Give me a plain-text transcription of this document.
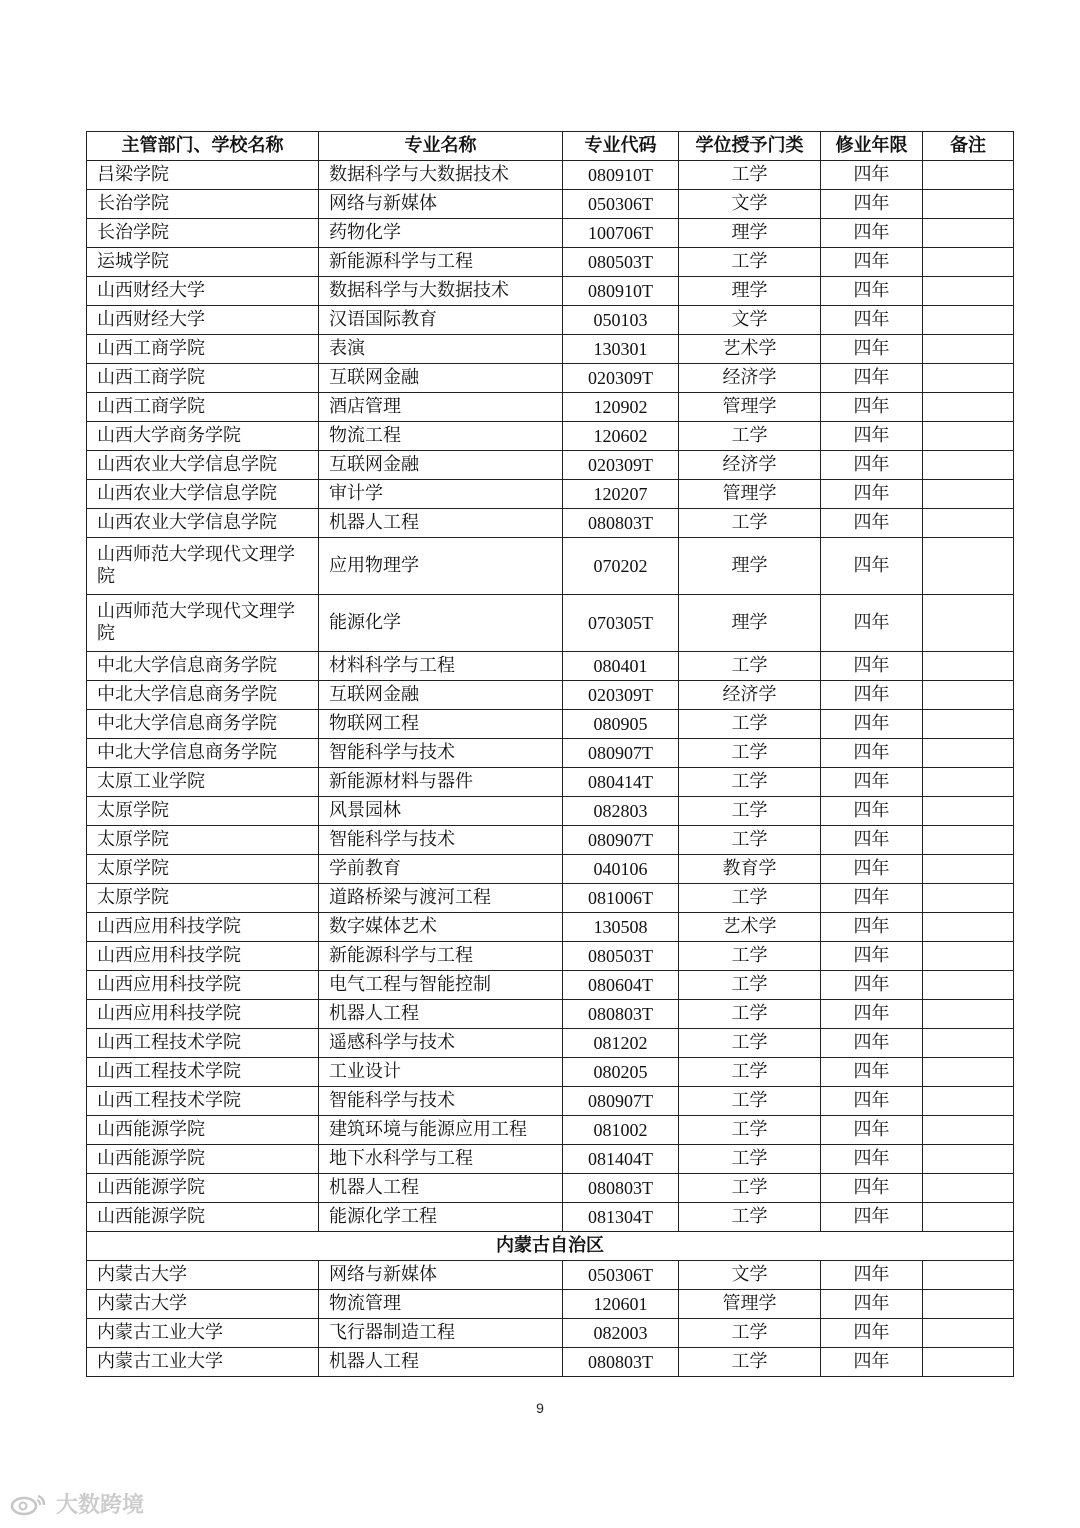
主管部门、学校名称	专业名称	专业代码	学位授予门类	修业年限	备注
吕梁学院	数据科学与大数据技术	080910T	工学	四年	
长治学院	网络与新媒体	050306T	文学	四年	
长治学院	药物化学	100706T	理学	四年	
运城学院	新能源科学与工程	080503T	工学	四年	
山西财经大学	数据科学与大数据技术	080910T	理学	四年	
山西财经大学	汉语国际教育	050103	文学	四年	
山西工商学院	表演	130301	艺术学	四年	
山西工商学院	互联网金融	020309T	经济学	四年	
山西工商学院	酒店管理	120902	管理学	四年	
山西大学商务学院	物流工程	120602	工学	四年	
山西农业大学信息学院	互联网金融	020309T	经济学	四年	
山西农业大学信息学院	审计学	120207	管理学	四年	
山西农业大学信息学院	机器人工程	080803T	工学	四年	
山西师范大学现代文理学院	应用物理学	070202	理学	四年	
山西师范大学现代文理学院	能源化学	070305T	理学	四年	
中北大学信息商务学院	材料科学与工程	080401	工学	四年	
中北大学信息商务学院	互联网金融	020309T	经济学	四年	
中北大学信息商务学院	物联网工程	080905	工学	四年	
中北大学信息商务学院	智能科学与技术	080907T	工学	四年	
太原工业学院	新能源材料与器件	080414T	工学	四年	
太原学院	风景园林	082803	工学	四年	
太原学院	智能科学与技术	080907T	工学	四年	
太原学院	学前教育	040106	教育学	四年	
太原学院	道路桥梁与渡河工程	081006T	工学	四年	
山西应用科技学院	数字媒体艺术	130508	艺术学	四年	
山西应用科技学院	新能源科学与工程	080503T	工学	四年	
山西应用科技学院	电气工程与智能控制	080604T	工学	四年	
山西应用科技学院	机器人工程	080803T	工学	四年	
山西工程技术学院	遥感科学与技术	081202	工学	四年	
山西工程技术学院	工业设计	080205	工学	四年	
山西工程技术学院	智能科学与技术	080907T	工学	四年	
山西能源学院	建筑环境与能源应用工程	081002	工学	四年	
山西能源学院	地下水科学与工程	081404T	工学	四年	
山西能源学院	机器人工程	080803T	工学	四年	
山西能源学院	能源化学工程	081304T	工学	四年	
内蒙古自治区					
内蒙古大学	网络与新媒体	050306T	文学	四年	
内蒙古大学	物流管理	120601	管理学	四年	
内蒙古工业大学	飞行器制造工程	082003	工学	四年	
内蒙古工业大学	机器人工程	080803T	工学	四年	
9
大数跨境
